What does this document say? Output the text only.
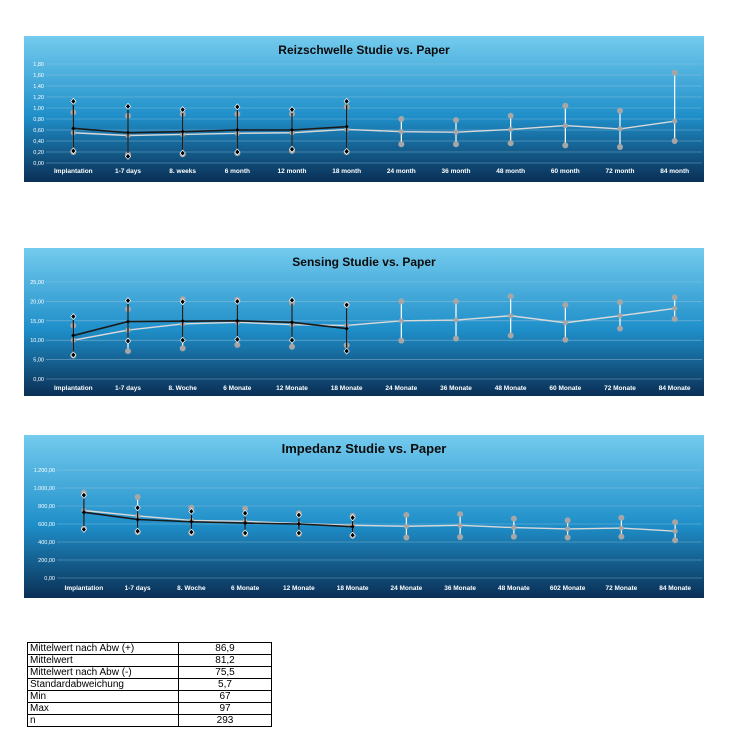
Reizschwelle Studie vs. Paper
0,00
0,20
0,40
0,60
0,80
1,00
1,20
1,40
1,60
1,80
Implantation	1-7 days	8. weeks	6 month	12 month	18 month	24 month	36 month	48 month	60 month	72 month	84 month
Sensing Studie vs. Paper
0,00
5,00
10,00
15,00
20,00
25,00
Implantation	1-7 days	8. Woche	6 Monate	12 Monate	18 Monate	24 Monate	36 Monate	48 Monate	60 Monate	72 Monate	84 Monate
Impedanz Studie vs. Paper
0,00
200,00
400,00
600,00
800,00
1.000,00
1.200,00
Implantation	1-7 days	8. Woche	6 Monate	12 Monate	18 Monate	24 Monate	36 Monate	48 Monate	602 Monate	72 Monate	84 Monate
Mittelwert nach Abw (+)	86,9
Mittelwert	81,2
Mittelwert nach Abw (-)	75,5
Standardabweichung	5,7
Min	67
Max	97
n	293
